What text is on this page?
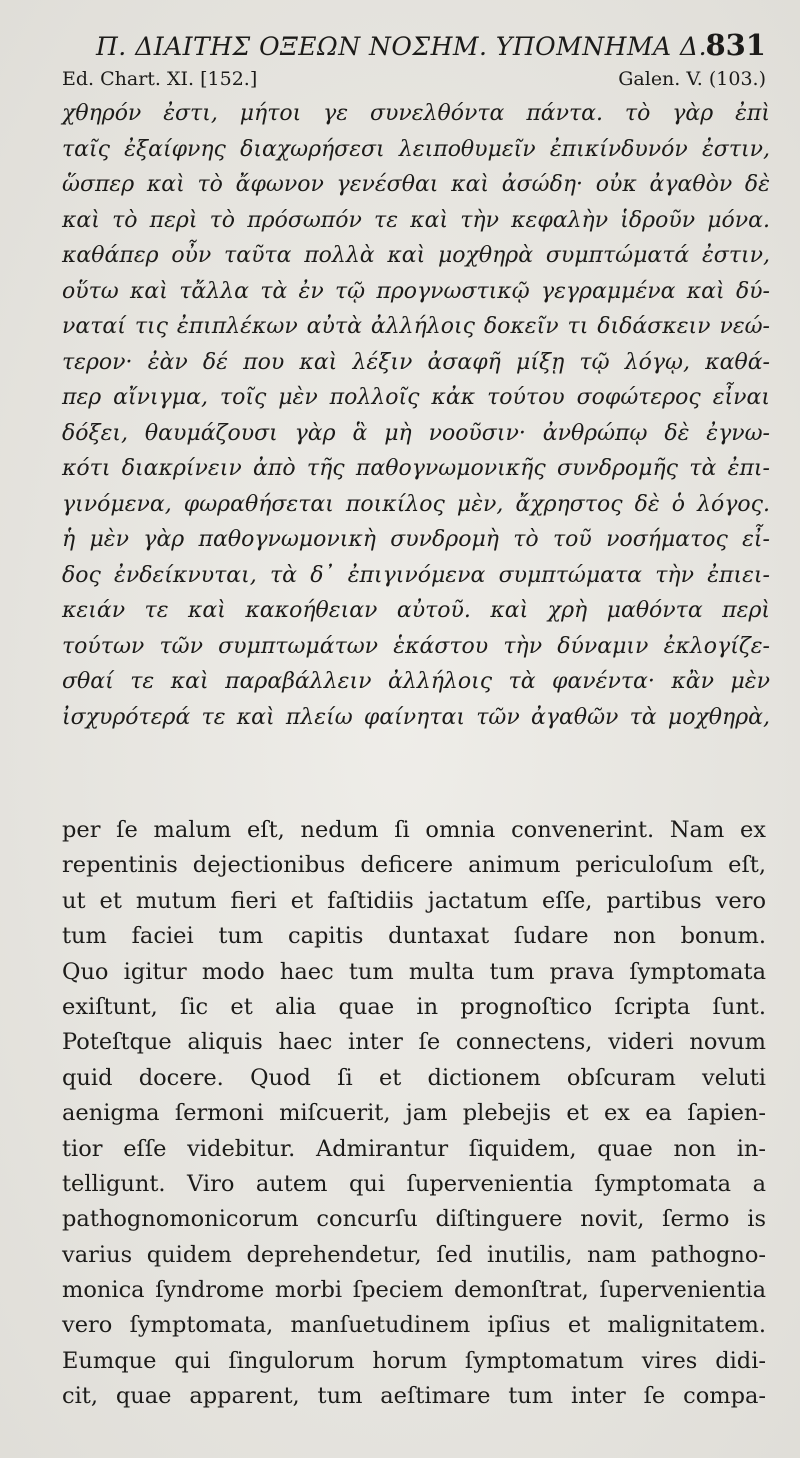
Π. ΔΙΑΙΤΗΣ ΟΞΕΩΝ ΝΟΣΗΜ. ΥΠΟΜΝΗΜΑ Δ.
831
Ed. Chart. XI. [152.]	Galen. V. (103.)
χθηρόν ἐστι, μήτοι γε συνελθόντα πάντα. τὸ γὰρ ἐπὶ
ταῖς ἐξαίφνης διαχωρήσεσι λειποθυμεῖν ἐπικίνδυνόν ἐστιν,
ὥσπερ καὶ τὸ ἄφωνον γενέσθαι καὶ ἀσώδη· οὐκ ἀγαθὸν δὲ
καὶ τὸ περὶ τὸ πρόσωπόν τε καὶ τὴν κεφαλὴν ἱδροῦν μόνα.
καθάπερ οὖν ταῦτα πολλὰ καὶ μοχθηρὰ συμπτώματά ἐστιν,
οὕτω καὶ τἄλλα τὰ ἐν τῷ προγνωστικῷ γεγραμμένα καὶ δύ-
ναταί τις ἐπιπλέκων αὐτὰ ἀλλήλοις δοκεῖν τι διδάσκειν νεώ-
τερον· ἐὰν δέ που καὶ λέξιν ἀσαφῆ μίξῃ τῷ λόγῳ, καθά-
περ αἴνιγμα, τοῖς μὲν πολλοῖς κἀκ τούτου σοφώτερος εἶναι
δόξει, θαυμάζουσι γὰρ ἃ μὴ νοοῦσιν· ἀνθρώπῳ δὲ ἐγνω-
κότι διακρίνειν ἀπὸ τῆς παθογνωμονικῆς συνδρομῆς τὰ ἐπι-
γινόμενα, φωραθήσεται ποικίλος μὲν, ἄχρηστος δὲ ὁ λόγος.
ἡ μὲν γὰρ παθογνωμονικὴ συνδρομὴ τὸ τοῦ νοσήματος εἶ-
δος ἐνδείκνυται, τὰ δ᾽ ἐπιγινόμενα συμπτώματα τὴν ἐπιει-
κειάν τε καὶ κακοήθειαν αὐτοῦ. καὶ χρὴ μαθόντα περὶ
τούτων τῶν συμπτωμάτων ἑκάστου τὴν δύναμιν ἐκλογίζε-
σθαί τε καὶ παραβάλλειν ἀλλήλοις τὰ φανέντα· κἂν μὲν
ἰσχυρότερά τε καὶ πλείω φαίνηται τῶν ἀγαθῶν τὰ μοχθηρὰ,
per ſe malum eſt, nedum ſi omnia convenerint. Nam ex
repentinis dejectionibus deficere animum periculoſum eſt,
ut et mutum fieri et faſtidiis jactatum eſſe, partibus vero
tum faciei tum capitis duntaxat ſudare non bonum.
Quo igitur modo haec tum multa tum prava ſymptomata
exiſtunt, ſic et alia quae in prognoſtico ſcripta ſunt.
Poteſtque aliquis haec inter ſe connectens, videri novum
quid docere. Quod ſi et dictionem obſcuram veluti
aenigma ſermoni miſcuerit, jam plebejis et ex ea ſapien-
tior eſſe videbitur. Admirantur ſiquidem, quae non in-
telligunt. Viro autem qui ſupervenientia ſymptomata a
pathognomonicorum concurſu diſtinguere novit, ſermo is
varius quidem deprehendetur, ſed inutilis, nam pathogno-
monica ſyndrome morbi ſpeciem demonſtrat, ſupervenientia
vero ſymptomata, manſuetudinem ipſius et malignitatem.
Eumque qui ſingulorum horum ſymptomatum vires didi-
cit, quae apparent, tum aeſtimare tum inter ſe compa-
